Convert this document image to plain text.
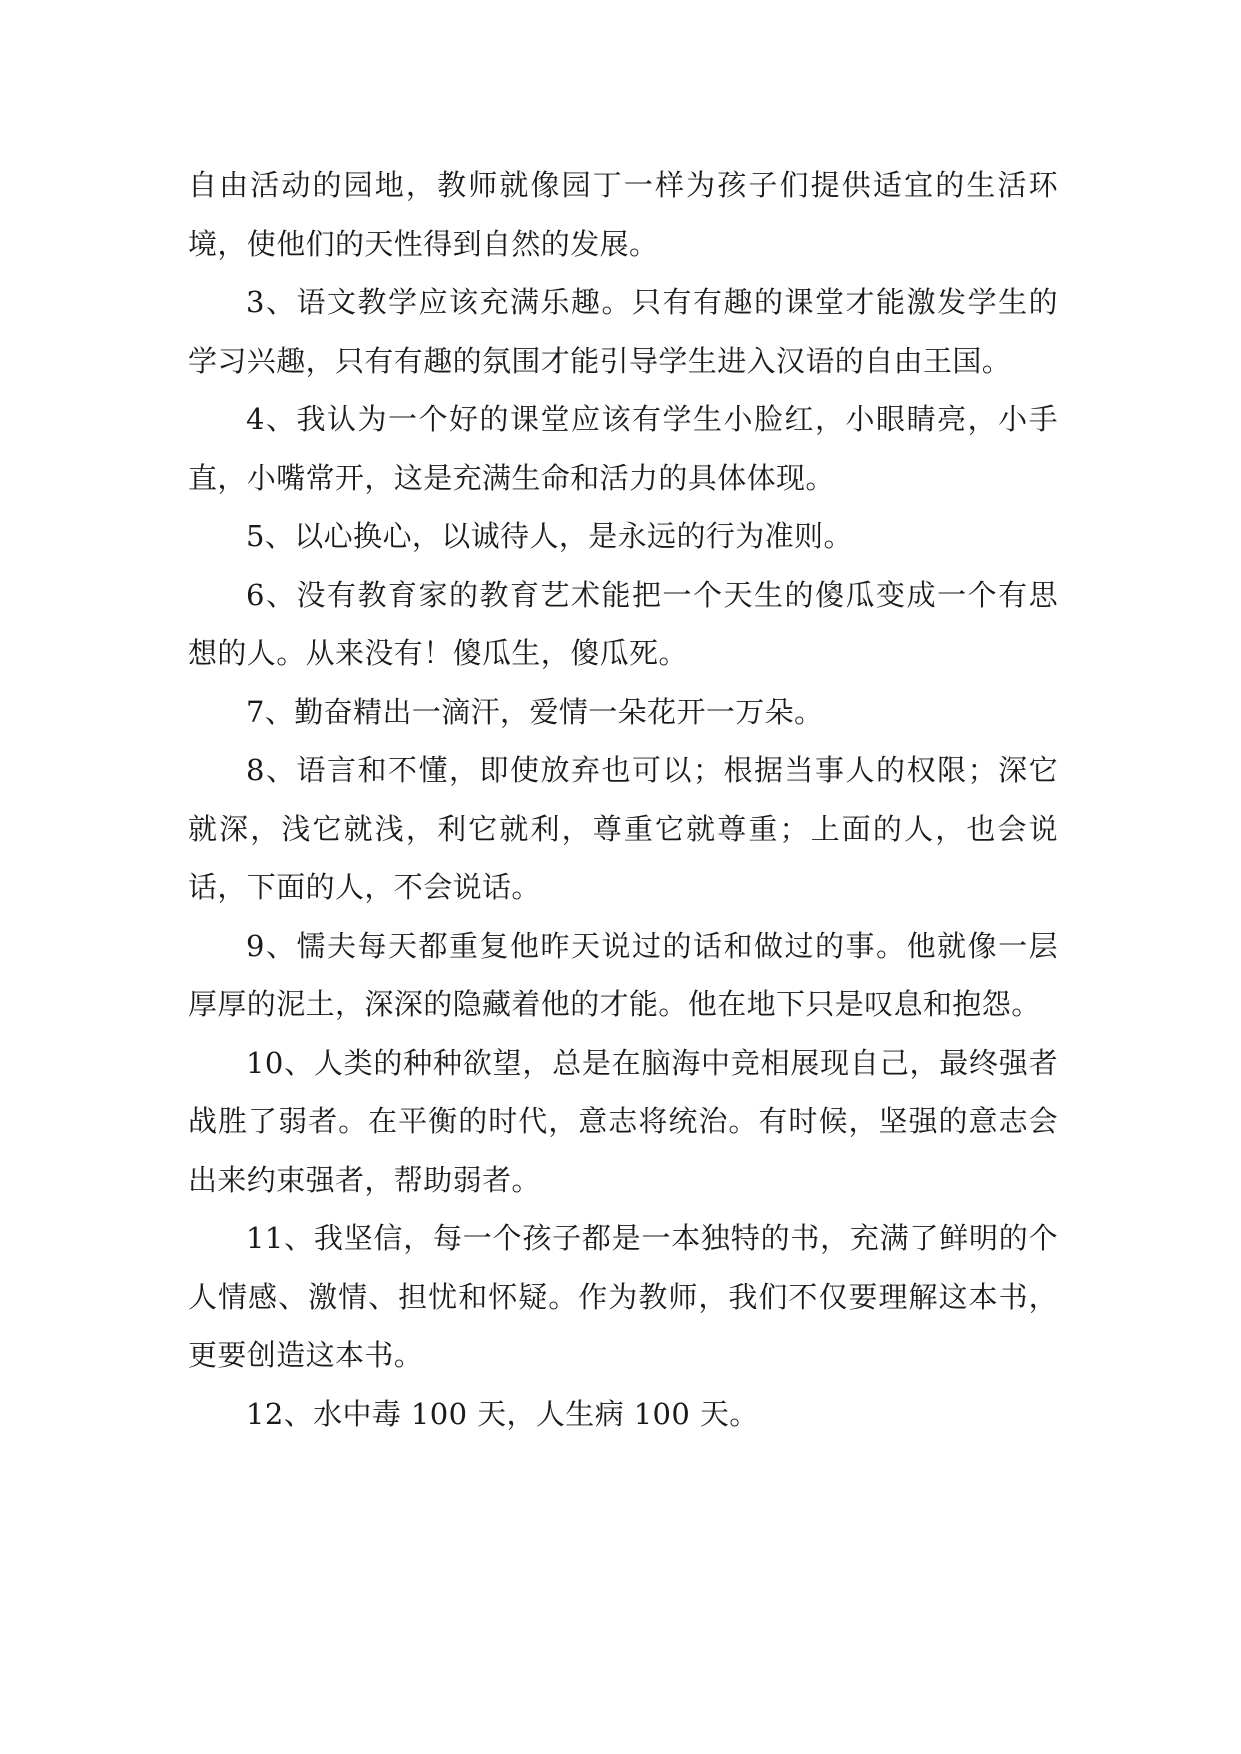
自由活动的园地，教师就像园丁一样为孩子们提供适宜的生活环境，使他们的天性得到自然的发展。

3、语文教学应该充满乐趣。只有有趣的课堂才能激发学生的学习兴趣，只有有趣的氛围才能引导学生进入汉语的自由王国。

4、我认为一个好的课堂应该有学生小脸红，小眼睛亮，小手直，小嘴常开，这是充满生命和活力的具体体现。

5、以心换心，以诚待人，是永远的行为准则。

6、没有教育家的教育艺术能把一个天生的傻瓜变成一个有思想的人。从来没有！傻瓜生，傻瓜死。

7、勤奋精出一滴汗，爱情一朵花开一万朵。

8、语言和不懂，即使放弃也可以；根据当事人的权限；深它就深，浅它就浅，利它就利，尊重它就尊重；上面的人，也会说话，下面的人，不会说话。

9、懦夫每天都重复他昨天说过的话和做过的事。他就像一层厚厚的泥土，深深的隐藏着他的才能。他在地下只是叹息和抱怨。

10、人类的种种欲望，总是在脑海中竞相展现自己，最终强者战胜了弱者。在平衡的时代，意志将统治。有时候，坚强的意志会出来约束强者，帮助弱者。

11、我坚信，每一个孩子都是一本独特的书，充满了鲜明的个人情感、激情、担忧和怀疑。作为教师，我们不仅要理解这本书，更要创造这本书。

12、水中毒 100 天，人生病 100 天。
